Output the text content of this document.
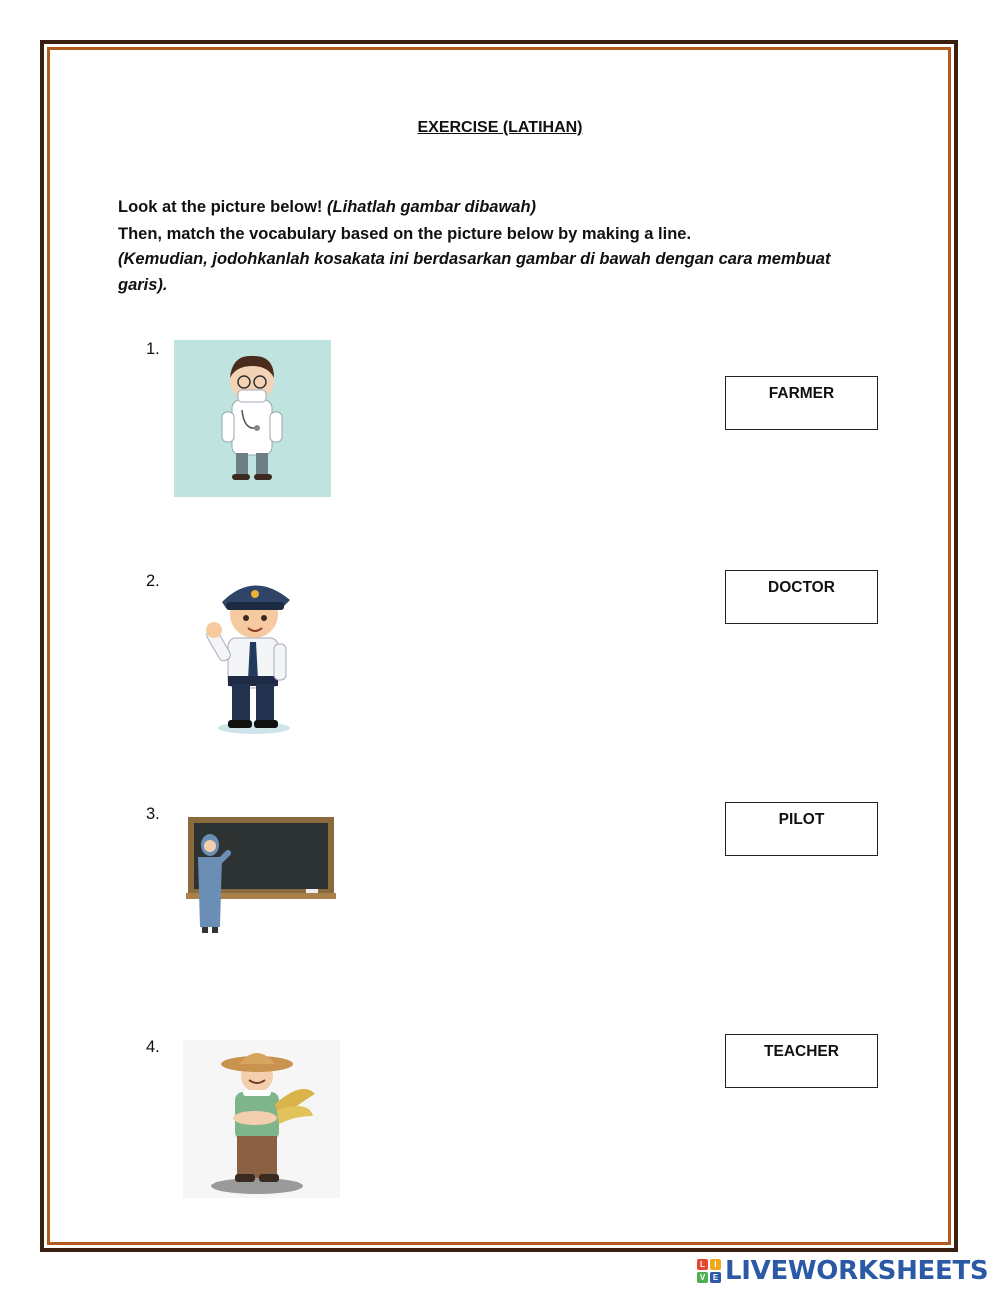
EXERCISE (LATIHAN)
Look at the picture below! (Lihatlah gambar dibawah)
Then, match the vocabulary based on the picture below by making a line.
(Kemudian, jodohkanlah kosakata ini berdasarkan gambar di bawah dengan cara membuat
garis).
1.
2.
3.
4.
FARMER
DOCTOR
PILOT
TEACHER
L	I
V E LIVEWORKSHEETS
